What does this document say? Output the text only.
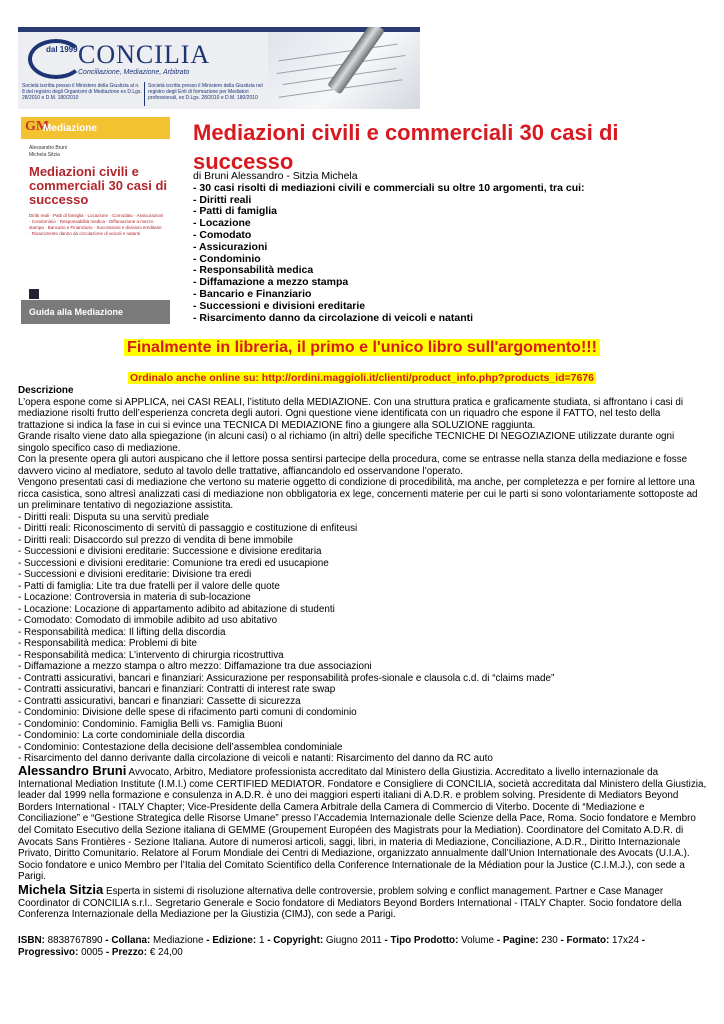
dal 1999 CONCILIA
Conciliazione, Mediazione, Arbitrato
Società iscritta presso il Ministero della Giustizia al n. 8 del registro degli Organismi di Mediazione ex D.Lgs. 28/2010 e D.M. 180/2010
Società iscritta presso il Ministero della Giustizia nel registro degli Enti di formazione per Mediatori professionali, ex D.Lgs. 28/2010 e D.M. 180/2010
GM
Mediazione
Alessandro Bruni
Michela Sitzia
Mediazioni civili e commerciali 30 casi di successo
Diritti reali · Patti di famiglia · Locazione · Comodato · Assicurazioni · Condominio · Responsabilità medica · Diffamazione a mezzo stampa · Bancario e Finanziario · Successioni e divisioni ereditarie · Risarcimento danno da circolazione di veicoli e natanti
Guida alla Mediazione
Mediazioni civili e commerciali 30 casi di successo
di Bruni Alessandro - Sitzia Michela
- 30 casi risolti di mediazioni civili e commerciali su oltre 10 argomenti, tra cui:
- Diritti reali
- Patti di famiglia
- Locazione
- Comodato
- Assicurazioni
- Condominio
- Responsabilità medica
- Diffamazione a mezzo stampa
- Bancario e Finanziario
- Successioni e divisioni ereditarie
- Risarcimento danno da circolazione di veicoli e natanti
Finalmente in libreria, il primo e l'unico libro sull'argomento!!!
Ordinalo anche online su: http://ordini.maggioli.it/clienti/product_info.php?products_id=7676
Descrizione

L’opera espone come si APPLICA, nei CASI REALI, l’istituto della MEDIAZIONE. Con una struttura pratica e graficamente studiata, si affrontano i casi di mediazione risolti frutto dell’esperienza concreta degli autori. Ogni questione viene identificata con un riquadro che espone il FATTO, nel testo della trattazione si indica la fase in cui si evince una TECNICA DI MEDIAZIONE fino a giungere alla SOLUZIONE raggiunta.

Grande risalto viene dato alla spiegazione (in alcuni casi) o al richiamo (in altri) delle specifiche TECNICHE DI NEGOZIAZIONE utilizzate durante ogni singolo specifico caso di mediazione.

Con la presente opera gli autori auspicano che il lettore possa sentirsi partecipe della procedura, come se entrasse nella stanza della mediazione e fosse davvero vicino al mediatore, seduto al tavolo delle trattative, affiancandolo ed osservandone l’operato.

Vengono presentati casi di mediazione che vertono su materie oggetto di condizione di procedibilità, ma anche, per completezza e per fornire al lettore una ricca casistica, sono altresì analizzati casi di mediazione non obbligatoria ex lege, concernenti materie per cui le parti si sono volontariamente sottoposte ad un preliminare tentativo di negoziazione assistita.

- Diritti reali: Disputa su una servitù prediale
- Diritti reali: Riconoscimento di servitù di passaggio e costituzione di enfiteusi
- Diritti reali: Disaccordo sul prezzo di vendita di bene immobile
- Successioni e divisioni ereditarie: Successione e divisione ereditaria
- Successioni e divisioni ereditarie: Comunione tra eredi ed usucapione
- Successioni e divisioni ereditarie: Divisione tra eredi
- Patti di famiglia: Lite tra due fratelli per il valore delle quote
- Locazione: Controversia in materia di sub-locazione
- Locazione: Locazione di appartamento adibito ad abitazione di studenti
- Comodato: Comodato di immobile adibito ad uso abitativo
- Responsabilità medica: Il lifting della discordia
- Responsabilità medica: Problemi di bite
- Responsabilità medica: L’intervento di chirurgia ricostruttiva
- Diffamazione a mezzo stampa o altro mezzo: Diffamazione tra due associazioni
- Contratti assicurativi, bancari e finanziari: Assicurazione per responsabilità profes-sionale e clausola c.d. di “claims made”
- Contratti assicurativi, bancari e finanziari: Contratti di interest rate swap
- Contratti assicurativi, bancari e finanziari: Cassette di sicurezza
- Condominio: Divisione delle spese di rifacimento parti comuni di condominio
- Condominio: Condominio. Famiglia Belli vs. Famiglia Buoni
- Condominio: La corte condominiale della discordia
- Condominio: Contestazione della decisione dell’assemblea condominiale
- Risarcimento del danno derivante dalla circolazione di veicoli e natanti: Risarcimento del danno da RC auto
Alessandro Bruni Avvocato, Arbitro, Mediatore professionista accreditato dal Ministero della Giustizia. Accreditato a livello internazionale da International Mediation Institute (I.M.I.) come CERTIFIED MEDIATOR. Fondatore e Consigliere di CONCILIA, società accreditata dal Ministero della Giustizia, leader dal 1999 nella formazione e consulenza in A.D.R. è uno dei maggiori esperti italiani di A.D.R. e problem solving. Presidente di Mediators Beyond Borders International - ITALY Chapter; Vice-Presidente della Camera Arbitrale della Camera di Commercio di Viterbo. Docente di “Mediazione e Conciliazione” e “Gestione Strategica delle Risorse Umane” presso l’Accademia Internazionale delle Scienze della Pace, Roma. Socio fondatore e Membro del Comitato Esecutivo della Sezione italiana di GEMME (Groupement Européen des Magistrats pour la Mediation). Coordinatore del Comitato A.D.R. di Avocats Sans Frontières - Sezione Italiana. Autore di numerosi articoli, saggi, libri, in materia di Mediazione, Conciliazione, A.D.R., Diritto Internazionale Privato, Diritto Comunitario. Relatore al Forum Mondiale dei Centri di Mediazione, organizzato annualmente dall’Union Internationale des Avocats (U.I.A.). Socio fondatore e unico Membro per l’Italia del Comitato Scientifico della Conference Internationale de la Médiation pour la Justice (C.I.M.J.), con sede a Parigi.
Michela Sitzia Esperta in sistemi di risoluzione alternativa delle controversie, problem solving e conflict management. Partner e Case Manager Coordinator di CONCILIA s.r.l.. Segretario Generale e Socio fondatore di Mediators Beyond Borders International - ITALY Chapter. Socio fondatore della Conferenza Internazionale della Mediazione per la Giustizia (CIMJ), con sede a Parigi.
ISBN: 8838767890 - Collana: Mediazione - Edizione: 1 - Copyright: Giugno 2011 - Tipo Prodotto: Volume - Pagine: 230 - Formato: 17x24 - Progressivo: 0005 - Prezzo: € 24,00
